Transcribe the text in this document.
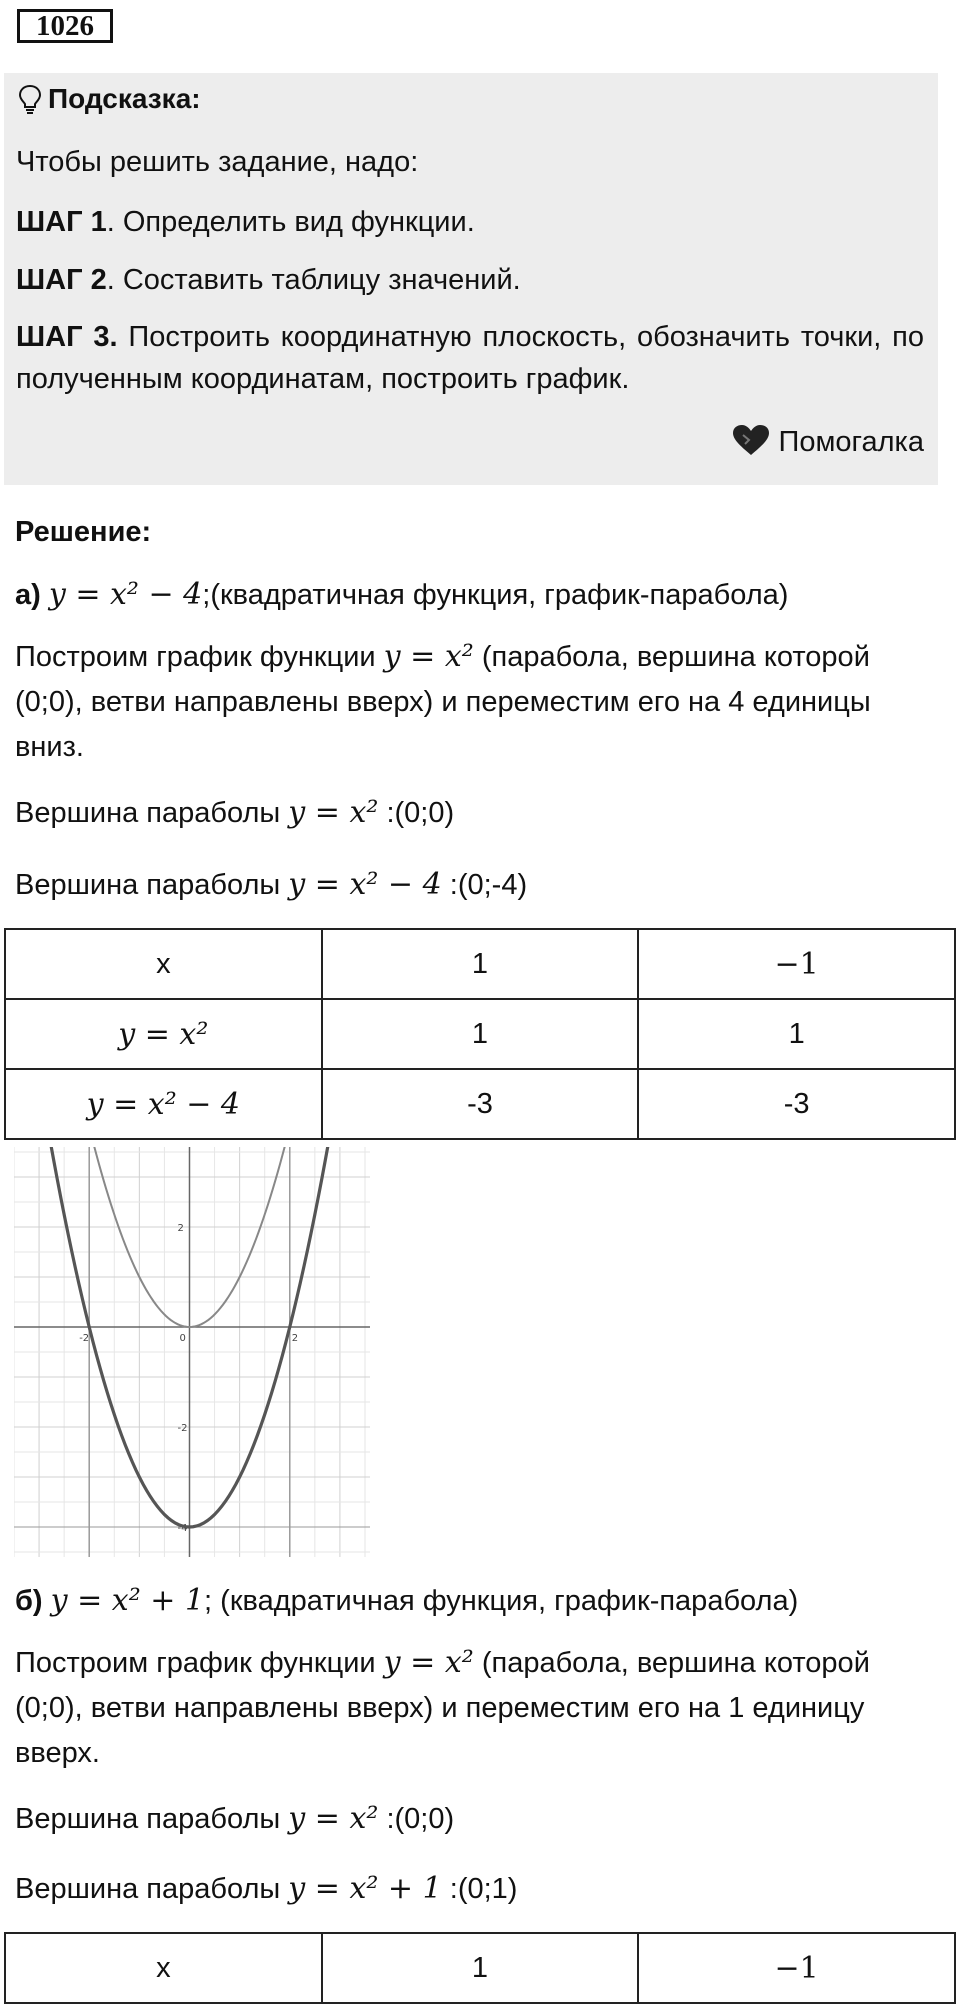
1026
Подсказка:
Чтобы решить задание, надо:
ШАГ 1. Определить вид функции.
ШАГ 2. Составить таблицу значений.
ШАГ 3. Построить координатную плоскость, обозначить точки, по полученным координатам, построить график.
Помогалка
Решение:
а) y = x² − 4;(квадратичная функция, график-парабола)
Построим график функции y = x² (парабола, вершина которой (0;0), ветви направлены вверх) и переместим его на 4 единицы вниз.
Вершина параболы y = x² :(0;0)
Вершина параболы y = x² − 4 :(0;-4)
x	1	−1
y = x²	1	1
y = x² − 4	-3	-3
-2	0	2
2
-2
-4
б) y = x² + 1; (квадратичная функция, график-парабола)
Построим график функции y = x² (парабола, вершина которой (0;0), ветви направлены вверх) и переместим его на 1 единицу вверх.
Вершина параболы y = x² :(0;0)
Вершина параболы y = x² + 1 :(0;1)
x	1	−1
